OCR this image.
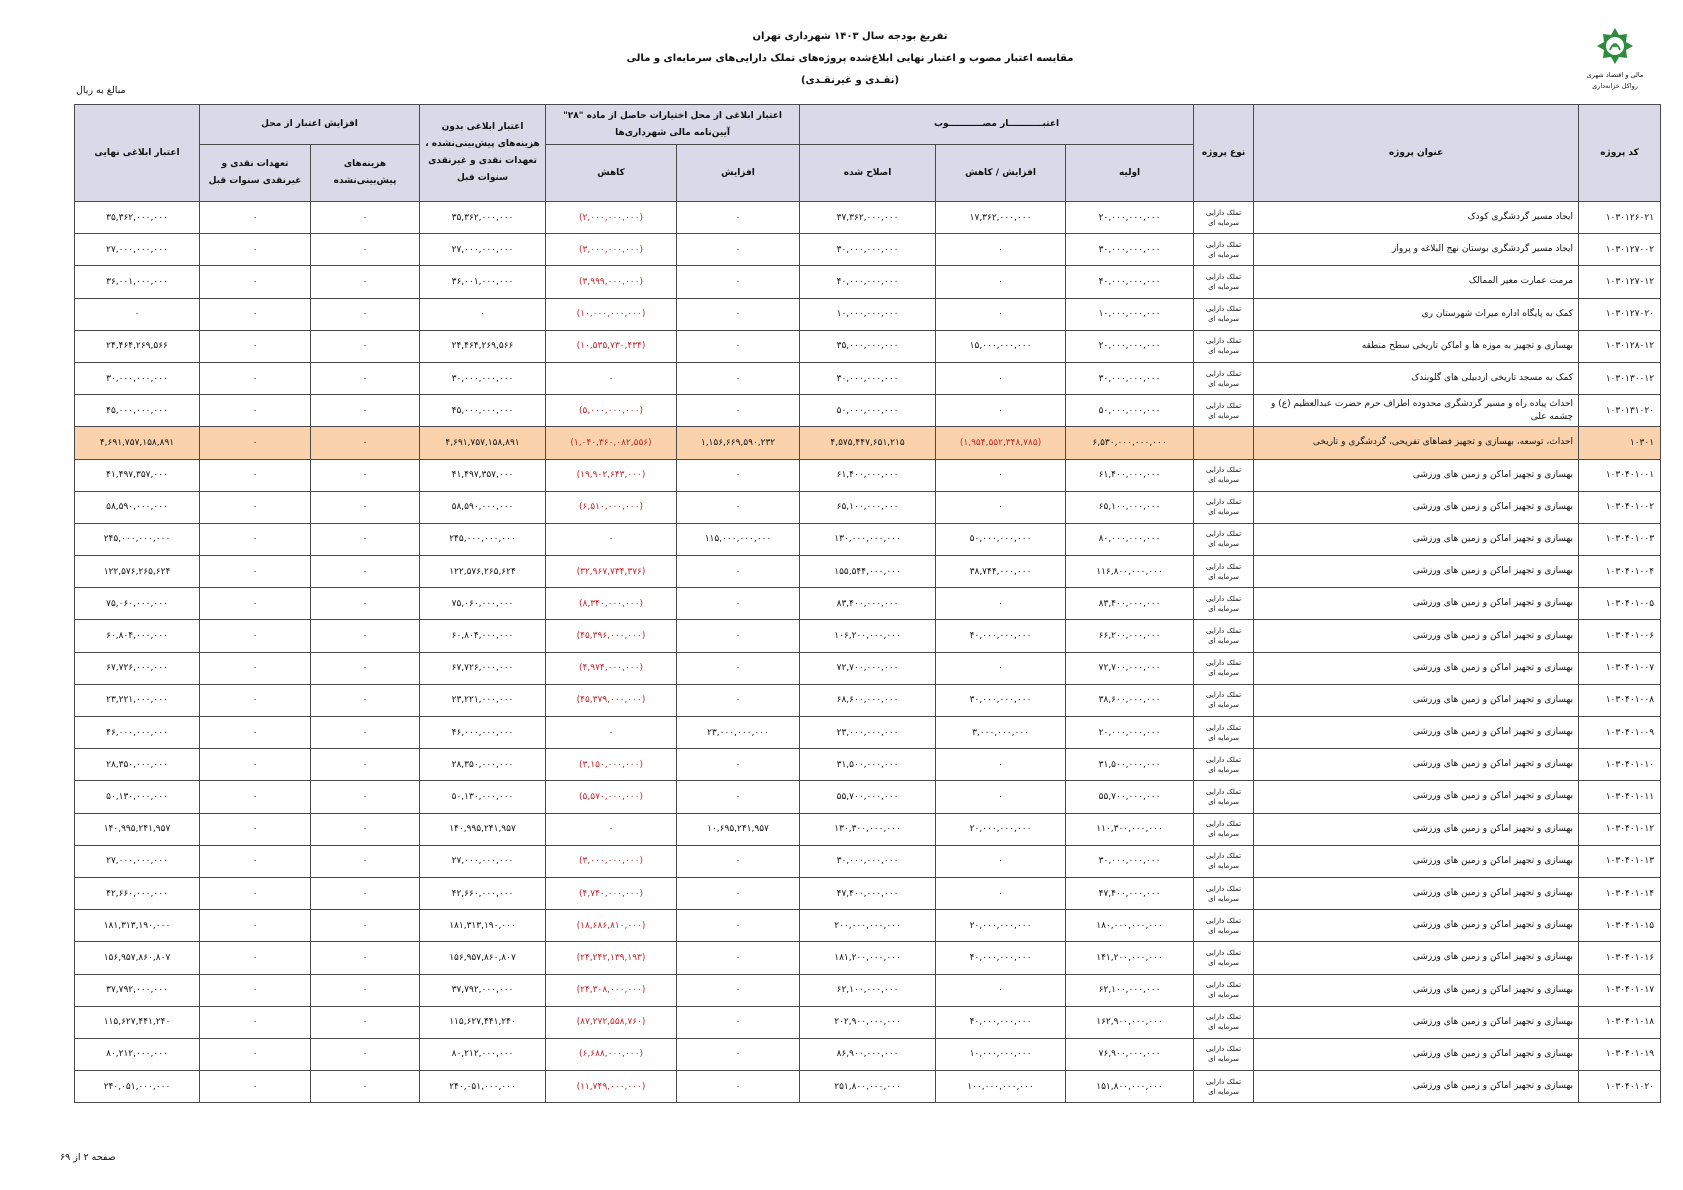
تفریغ بودجه سال ۱۴۰۳ شهرداری تهران
مقایسه اعتبار مصوب و اعتبار نهایی ابلاغ‌شده پروژه‌های تملک دارایی‌های سرمایه‌ای و مالی
(نقـدی و غیرنقـدی)	مالی و اقتصاد شهری
رواکل خزانه‌داری
مبالغ به ریال
کد پروژه	عنوان پروژه	نوع پروژه	اعتبـــــــــــار مصـــــــــــوب			اعتبار ابلاغی از محل اختیارات حاصل از ماده "۲۸" آیین‌نامه مالی شهرداری‌ها		اعتبار ابلاغی بدون هزینه‌های پیش‌بینی‌نشده ، تعهدات نقدی و غیرنقدی سنوات قبل	افزایش اعتبار از محل		اعتبار ابلاغی نهایی
			اولیه	افزایش / کاهش	اصلاح شده	افزایش	کاهش		هزینه‌های پیش‌بینی‌نشده	تعهدات نقدی و غیرنقدی سنوات قبل	
۱۰۳۰۱۲۶۰۲۱	ایجاد مسیر گردشگری کودک	تملک دارایی سرمایه ای	۲۰,۰۰۰,۰۰۰,۰۰۰	۱۷,۳۶۲,۰۰۰,۰۰۰	۳۷,۳۶۲,۰۰۰,۰۰۰	۰	(۲,۰۰۰,۰۰۰,۰۰۰)	۳۵,۳۶۲,۰۰۰,۰۰۰	۰	۰	۳۵,۳۶۲,۰۰۰,۰۰۰
۱۰۳۰۱۲۷۰۰۲	ایجاد مسیر گردشگری بوستان نهج البلاغه و پرواز	تملک دارایی سرمایه ای	۳۰,۰۰۰,۰۰۰,۰۰۰	۰	۳۰,۰۰۰,۰۰۰,۰۰۰	۰	(۳,۰۰۰,۰۰۰,۰۰۰)	۲۷,۰۰۰,۰۰۰,۰۰۰	۰	۰	۲۷,۰۰۰,۰۰۰,۰۰۰
۱۰۳۰۱۲۷۰۱۲	مرمت عمارت معیر الممالک	تملک دارایی سرمایه ای	۴۰,۰۰۰,۰۰۰,۰۰۰	۰	۴۰,۰۰۰,۰۰۰,۰۰۰	۰	(۳,۹۹۹,۰۰۰,۰۰۰)	۳۶,۰۰۱,۰۰۰,۰۰۰	۰	۰	۳۶,۰۰۱,۰۰۰,۰۰۰
۱۰۳۰۱۲۷۰۲۰	کمک به پایگاه اداره میراث شهرستان ری	تملک دارایی سرمایه ای	۱۰,۰۰۰,۰۰۰,۰۰۰	۰	۱۰,۰۰۰,۰۰۰,۰۰۰	۰	(۱۰,۰۰۰,۰۰۰,۰۰۰)	۰	۰	۰	۰
۱۰۳۰۱۲۸۰۱۲	بهسازی و تجهیز به موزه ها و اماکن تاریخی سطح منطقه	تملک دارایی سرمایه ای	۲۰,۰۰۰,۰۰۰,۰۰۰	۱۵,۰۰۰,۰۰۰,۰۰۰	۳۵,۰۰۰,۰۰۰,۰۰۰	۰	(۱۰,۵۳۵,۷۳۰,۴۳۴)	۲۴,۴۶۴,۲۶۹,۵۶۶	۰	۰	۲۴,۴۶۴,۲۶۹,۵۶۶
۱۰۳۰۱۳۰۰۱۲	کمک به مسجد تاریخی اردبیلی های گلوبندک	تملک دارایی سرمایه ای	۳۰,۰۰۰,۰۰۰,۰۰۰	۰	۳۰,۰۰۰,۰۰۰,۰۰۰	۰	۰	۳۰,۰۰۰,۰۰۰,۰۰۰	۰	۰	۳۰,۰۰۰,۰۰۰,۰۰۰
۱۰۳۰۱۳۱۰۲۰	احداث پیاده راه و مسیر گردشگری محدوده اطراف حرم حضرت عبدالعظیم (ع) و چشمه علی	تملک دارایی سرمایه ای	۵۰,۰۰۰,۰۰۰,۰۰۰	۰	۵۰,۰۰۰,۰۰۰,۰۰۰	۰	(۵,۰۰۰,۰۰۰,۰۰۰)	۴۵,۰۰۰,۰۰۰,۰۰۰	۰	۰	۴۵,۰۰۰,۰۰۰,۰۰۰
۱۰۳۰۱	احداث، توسعه، بهسازی و تجهیز فضاهای تفریحی، گردشگری و تاریخی		۶,۵۳۰,۰۰۰,۰۰۰,۰۰۰	(۱,۹۵۴,۵۵۲,۳۴۸,۷۸۵)	۴,۵۷۵,۴۴۷,۶۵۱,۲۱۵	۱,۱۵۶,۶۶۹,۵۹۰,۲۳۲	(۱,۰۴۰,۳۶۰,۰۸۲,۵۵۶)	۴,۶۹۱,۷۵۷,۱۵۸,۸۹۱	۰	۰	۴,۶۹۱,۷۵۷,۱۵۸,۸۹۱
۱۰۳۰۴۰۱۰۰۱	بهسازی و تجهیز اماکن و زمین های ورزشی	تملک دارایی سرمایه ای	۶۱,۴۰۰,۰۰۰,۰۰۰	۰	۶۱,۴۰۰,۰۰۰,۰۰۰	۰	(۱۹,۹۰۲,۶۴۳,۰۰۰)	۴۱,۴۹۷,۳۵۷,۰۰۰	۰	۰	۴۱,۴۹۷,۳۵۷,۰۰۰
۱۰۳۰۴۰۱۰۰۲	بهسازی و تجهیز اماکن و زمین های ورزشی	تملک دارایی سرمایه ای	۶۵,۱۰۰,۰۰۰,۰۰۰	۰	۶۵,۱۰۰,۰۰۰,۰۰۰	۰	(۶,۵۱۰,۰۰۰,۰۰۰)	۵۸,۵۹۰,۰۰۰,۰۰۰	۰	۰	۵۸,۵۹۰,۰۰۰,۰۰۰
۱۰۳۰۴۰۱۰۰۳	بهسازی و تجهیز اماکن و زمین های ورزشی	تملک دارایی سرمایه ای	۸۰,۰۰۰,۰۰۰,۰۰۰	۵۰,۰۰۰,۰۰۰,۰۰۰	۱۳۰,۰۰۰,۰۰۰,۰۰۰	۱۱۵,۰۰۰,۰۰۰,۰۰۰	۰	۲۴۵,۰۰۰,۰۰۰,۰۰۰	۰	۰	۲۴۵,۰۰۰,۰۰۰,۰۰۰
۱۰۳۰۴۰۱۰۰۴	بهسازی و تجهیز اماکن و زمین های ورزشی	تملک دارایی سرمایه ای	۱۱۶,۸۰۰,۰۰۰,۰۰۰	۳۸,۷۴۴,۰۰۰,۰۰۰	۱۵۵,۵۴۴,۰۰۰,۰۰۰	۰	(۳۲,۹۶۷,۷۳۴,۳۷۶)	۱۲۲,۵۷۶,۲۶۵,۶۲۴	۰	۰	۱۲۲,۵۷۶,۲۶۵,۶۲۴
۱۰۳۰۴۰۱۰۰۵	بهسازی و تجهیز اماکن و زمین های ورزشی	تملک دارایی سرمایه ای	۸۳,۴۰۰,۰۰۰,۰۰۰	۰	۸۳,۴۰۰,۰۰۰,۰۰۰	۰	(۸,۳۴۰,۰۰۰,۰۰۰)	۷۵,۰۶۰,۰۰۰,۰۰۰	۰	۰	۷۵,۰۶۰,۰۰۰,۰۰۰
۱۰۳۰۴۰۱۰۰۶	بهسازی و تجهیز اماکن و زمین های ورزشی	تملک دارایی سرمایه ای	۶۶,۲۰۰,۰۰۰,۰۰۰	۴۰,۰۰۰,۰۰۰,۰۰۰	۱۰۶,۲۰۰,۰۰۰,۰۰۰	۰	(۴۵,۳۹۶,۰۰۰,۰۰۰)	۶۰,۸۰۴,۰۰۰,۰۰۰	۰	۰	۶۰,۸۰۴,۰۰۰,۰۰۰
۱۰۳۰۴۰۱۰۰۷	بهسازی و تجهیز اماکن و زمین های ورزشی	تملک دارایی سرمایه ای	۷۲,۷۰۰,۰۰۰,۰۰۰	۰	۷۲,۷۰۰,۰۰۰,۰۰۰	۰	(۴,۹۷۴,۰۰۰,۰۰۰)	۶۷,۷۲۶,۰۰۰,۰۰۰	۰	۰	۶۷,۷۲۶,۰۰۰,۰۰۰
۱۰۳۰۴۰۱۰۰۸	بهسازی و تجهیز اماکن و زمین های ورزشی	تملک دارایی سرمایه ای	۳۸,۶۰۰,۰۰۰,۰۰۰	۳۰,۰۰۰,۰۰۰,۰۰۰	۶۸,۶۰۰,۰۰۰,۰۰۰	۰	(۴۵,۳۷۹,۰۰۰,۰۰۰)	۲۳,۲۲۱,۰۰۰,۰۰۰	۰	۰	۲۳,۲۲۱,۰۰۰,۰۰۰
۱۰۳۰۴۰۱۰۰۹	بهسازی و تجهیز اماکن و زمین های ورزشی	تملک دارایی سرمایه ای	۲۰,۰۰۰,۰۰۰,۰۰۰	۳,۰۰۰,۰۰۰,۰۰۰	۲۳,۰۰۰,۰۰۰,۰۰۰	۲۳,۰۰۰,۰۰۰,۰۰۰	۰	۴۶,۰۰۰,۰۰۰,۰۰۰	۰	۰	۴۶,۰۰۰,۰۰۰,۰۰۰
۱۰۳۰۴۰۱۰۱۰	بهسازی و تجهیز اماکن و زمین های ورزشی	تملک دارایی سرمایه ای	۳۱,۵۰۰,۰۰۰,۰۰۰	۰	۳۱,۵۰۰,۰۰۰,۰۰۰	۰	(۳,۱۵۰,۰۰۰,۰۰۰)	۲۸,۳۵۰,۰۰۰,۰۰۰	۰	۰	۲۸,۳۵۰,۰۰۰,۰۰۰
۱۰۳۰۴۰۱۰۱۱	بهسازی و تجهیز اماکن و زمین های ورزشی	تملک دارایی سرمایه ای	۵۵,۷۰۰,۰۰۰,۰۰۰	۰	۵۵,۷۰۰,۰۰۰,۰۰۰	۰	(۵,۵۷۰,۰۰۰,۰۰۰)	۵۰,۱۳۰,۰۰۰,۰۰۰	۰	۰	۵۰,۱۳۰,۰۰۰,۰۰۰
۱۰۳۰۴۰۱۰۱۲	بهسازی و تجهیز اماکن و زمین های ورزشی	تملک دارایی سرمایه ای	۱۱۰,۳۰۰,۰۰۰,۰۰۰	۲۰,۰۰۰,۰۰۰,۰۰۰	۱۳۰,۳۰۰,۰۰۰,۰۰۰	۱۰,۶۹۵,۲۴۱,۹۵۷	۰	۱۴۰,۹۹۵,۲۴۱,۹۵۷	۰	۰	۱۴۰,۹۹۵,۲۴۱,۹۵۷
۱۰۳۰۴۰۱۰۱۳	بهسازی و تجهیز اماکن و زمین های ورزشی	تملک دارایی سرمایه ای	۳۰,۰۰۰,۰۰۰,۰۰۰	۰	۳۰,۰۰۰,۰۰۰,۰۰۰	۰	(۳,۰۰۰,۰۰۰,۰۰۰)	۲۷,۰۰۰,۰۰۰,۰۰۰	۰	۰	۲۷,۰۰۰,۰۰۰,۰۰۰
۱۰۳۰۴۰۱۰۱۴	بهسازی و تجهیز اماکن و زمین های ورزشی	تملک دارایی سرمایه ای	۴۷,۴۰۰,۰۰۰,۰۰۰	۰	۴۷,۴۰۰,۰۰۰,۰۰۰	۰	(۴,۷۴۰,۰۰۰,۰۰۰)	۴۲,۶۶۰,۰۰۰,۰۰۰	۰	۰	۴۲,۶۶۰,۰۰۰,۰۰۰
۱۰۳۰۴۰۱۰۱۵	بهسازی و تجهیز اماکن و زمین های ورزشی	تملک دارایی سرمایه ای	۱۸۰,۰۰۰,۰۰۰,۰۰۰	۲۰,۰۰۰,۰۰۰,۰۰۰	۲۰۰,۰۰۰,۰۰۰,۰۰۰	۰	(۱۸,۶۸۶,۸۱۰,۰۰۰)	۱۸۱,۳۱۳,۱۹۰,۰۰۰	۰	۰	۱۸۱,۳۱۳,۱۹۰,۰۰۰
۱۰۳۰۴۰۱۰۱۶	بهسازی و تجهیز اماکن و زمین های ورزشی	تملک دارایی سرمایه ای	۱۴۱,۲۰۰,۰۰۰,۰۰۰	۴۰,۰۰۰,۰۰۰,۰۰۰	۱۸۱,۲۰۰,۰۰۰,۰۰۰	۰	(۲۴,۲۴۲,۱۳۹,۱۹۳)	۱۵۶,۹۵۷,۸۶۰,۸۰۷	۰	۰	۱۵۶,۹۵۷,۸۶۰,۸۰۷
۱۰۳۰۴۰۱۰۱۷	بهسازی و تجهیز اماکن و زمین های ورزشی	تملک دارایی سرمایه ای	۶۲,۱۰۰,۰۰۰,۰۰۰	۰	۶۲,۱۰۰,۰۰۰,۰۰۰	۰	(۲۴,۳۰۸,۰۰۰,۰۰۰)	۳۷,۷۹۲,۰۰۰,۰۰۰	۰	۰	۳۷,۷۹۲,۰۰۰,۰۰۰
۱۰۳۰۴۰۱۰۱۸	بهسازی و تجهیز اماکن و زمین های ورزشی	تملک دارایی سرمایه ای	۱۶۲,۹۰۰,۰۰۰,۰۰۰	۴۰,۰۰۰,۰۰۰,۰۰۰	۲۰۲,۹۰۰,۰۰۰,۰۰۰	۰	(۸۷,۲۷۲,۵۵۸,۷۶۰)	۱۱۵,۶۲۷,۴۴۱,۲۴۰	۰	۰	۱۱۵,۶۲۷,۴۴۱,۲۴۰
۱۰۳۰۴۰۱۰۱۹	بهسازی و تجهیز اماکن و زمین های ورزشی	تملک دارایی سرمایه ای	۷۶,۹۰۰,۰۰۰,۰۰۰	۱۰,۰۰۰,۰۰۰,۰۰۰	۸۶,۹۰۰,۰۰۰,۰۰۰	۰	(۶,۶۸۸,۰۰۰,۰۰۰)	۸۰,۲۱۲,۰۰۰,۰۰۰	۰	۰	۸۰,۲۱۲,۰۰۰,۰۰۰
۱۰۳۰۴۰۱۰۲۰	بهسازی و تجهیز اماکن و زمین های ورزشی	تملک دارایی سرمایه ای	۱۵۱,۸۰۰,۰۰۰,۰۰۰	۱۰۰,۰۰۰,۰۰۰,۰۰۰	۲۵۱,۸۰۰,۰۰۰,۰۰۰	۰	(۱۱,۷۴۹,۰۰۰,۰۰۰)	۲۴۰,۰۵۱,۰۰۰,۰۰۰	۰	۰	۲۴۰,۰۵۱,۰۰۰,۰۰۰
صفحه ۲ از ۶۹
